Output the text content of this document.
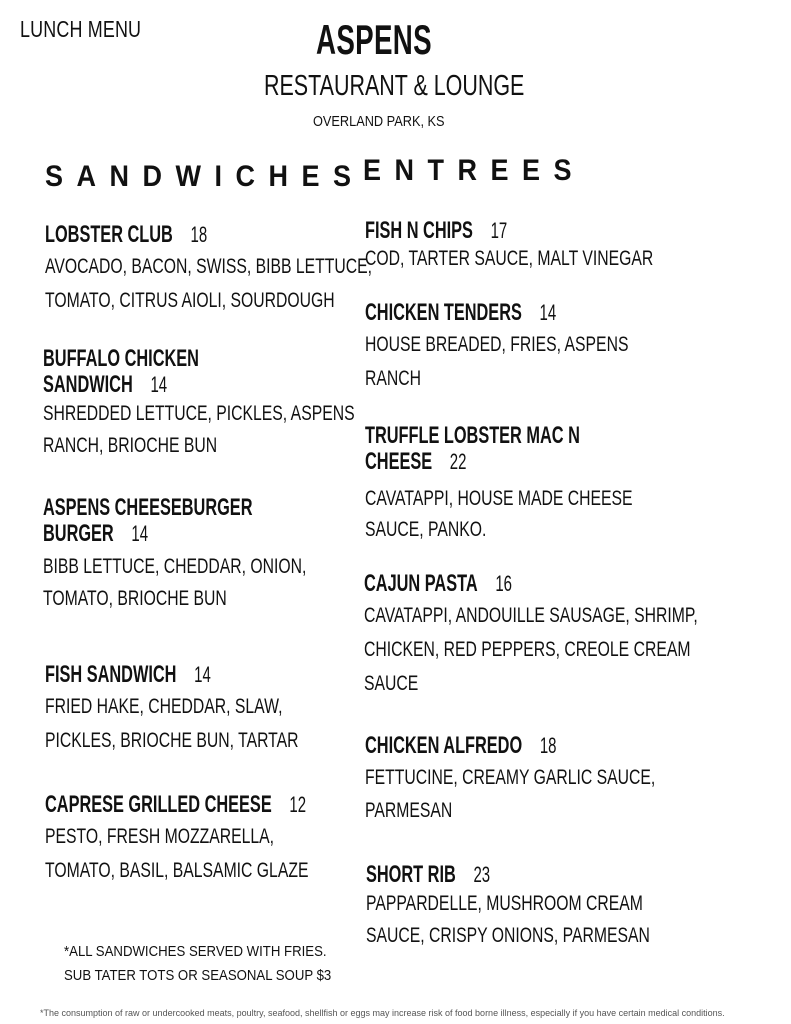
LUNCH MENU	ASPENS
RESTAURANT & LOUNGE
OVERLAND PARK, KS
SANDWICHES
ENTREES
LOBSTER CLUB 18
AVOCADO, BACON, SWISS, BIBB LETTUCE,
TOMATO, CITRUS AIOLI, SOURDOUGH
BUFFALO CHICKEN
SANDWICH 14
SHREDDED LETTUCE, PICKLES, ASPENS
RANCH, BRIOCHE BUN
ASPENS CHEESEBURGER
BURGER 14
BIBB LETTUCE, CHEDDAR, ONION,
TOMATO, BRIOCHE BUN
FISH SANDWICH 14
FRIED HAKE, CHEDDAR, SLAW,
PICKLES, BRIOCHE BUN, TARTAR
CAPRESE GRILLED CHEESE 12
PESTO, FRESH MOZZARELLA,
TOMATO, BASIL, BALSAMIC GLAZE
*ALL SANDWICHES SERVED WITH FRIES.
SUB TATER TOTS OR SEASONAL SOUP $3
FISH N CHIPS 17
COD, TARTER SAUCE, MALT VINEGAR
CHICKEN TENDERS 14
HOUSE BREADED, FRIES, ASPENS
RANCH
TRUFFLE LOBSTER MAC N
CHEESE 22
CAVATAPPI, HOUSE MADE CHEESE
SAUCE, PANKO.
CAJUN PASTA 16
CAVATAPPI, ANDOUILLE SAUSAGE, SHRIMP,
CHICKEN, RED PEPPERS, CREOLE CREAM
SAUCE
CHICKEN ALFREDO 18
FETTUCINE, CREAMY GARLIC SAUCE,
PARMESAN
SHORT RIB 23
PAPPARDELLE, MUSHROOM CREAM
SAUCE, CRISPY ONIONS, PARMESAN
*The consumption of raw or undercooked meats, poultry, seafood, shellfish or eggs may increase risk of food borne illness, especially if you have certain medical conditions.
